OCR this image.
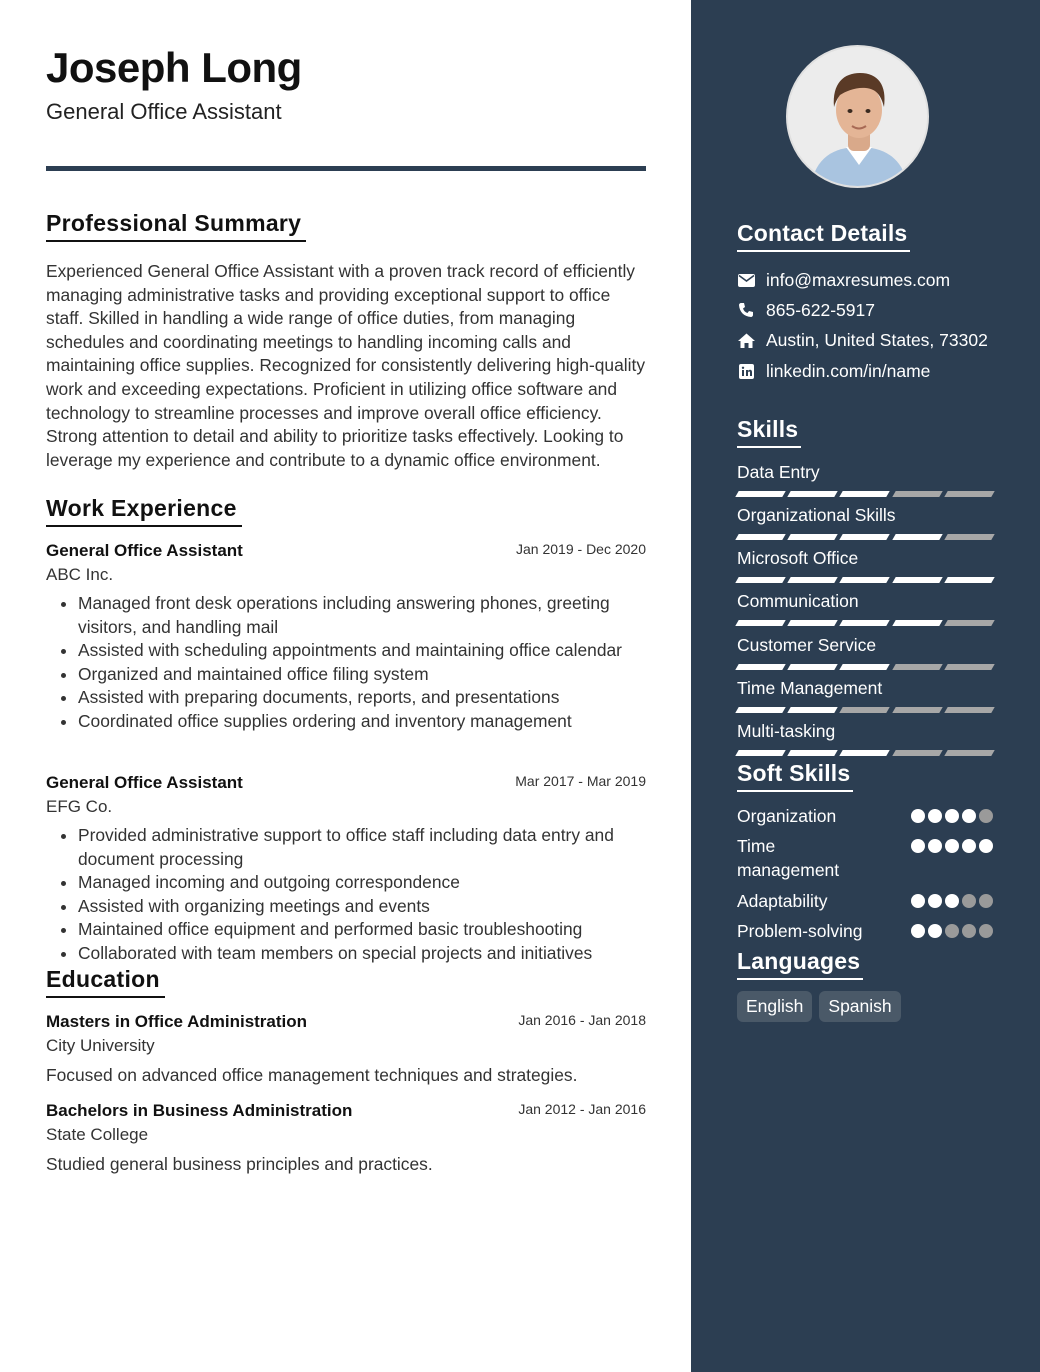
Joseph Long
General Office Assistant
Professional Summary
Experienced General Office Assistant with a proven track record of efficiently managing administrative tasks and providing exceptional support to office staff. Skilled in handling a wide range of office duties, from managing schedules and coordinating meetings to handling incoming calls and maintaining office supplies. Recognized for consistently delivering high-quality work and exceeding expectations. Proficient in utilizing office software and technology to streamline processes and improve overall office efficiency. Strong attention to detail and ability to prioritize tasks effectively. Looking to leverage my experience and contribute to a dynamic office environment.
Work Experience
General Office Assistant	Jan 2019 - Dec 2020
ABC Inc.
• Managed front desk operations including answering phones, greeting visitors, and handling mail
• Assisted with scheduling appointments and maintaining office calendar
• Organized and maintained office filing system
• Assisted with preparing documents, reports, and presentations
• Coordinated office supplies ordering and inventory management
General Office Assistant	Mar 2017 - Mar 2019
EFG Co.
• Provided administrative support to office staff including data entry and document processing
• Managed incoming and outgoing correspondence
• Assisted with organizing meetings and events
• Maintained office equipment and performed basic troubleshooting
• Collaborated with team members on special projects and initiatives
Education
Masters in Office Administration	Jan 2016 - Jan 2018
City University
Focused on advanced office management techniques and strategies.
Bachelors in Business Administration	Jan 2012 - Jan 2016
State College
Studied general business principles and practices.
Contact Details
info@maxresumes.com
865-622-5917
Austin, United States, 73302
linkedin.com/in/name
Skills
Data Entry
Organizational Skills
Microsoft Office
Communication
Customer Service
Time Management
Multi-tasking
Soft Skills
Organization
Time management
Adaptability
Problem-solving
Languages
English	Spanish
